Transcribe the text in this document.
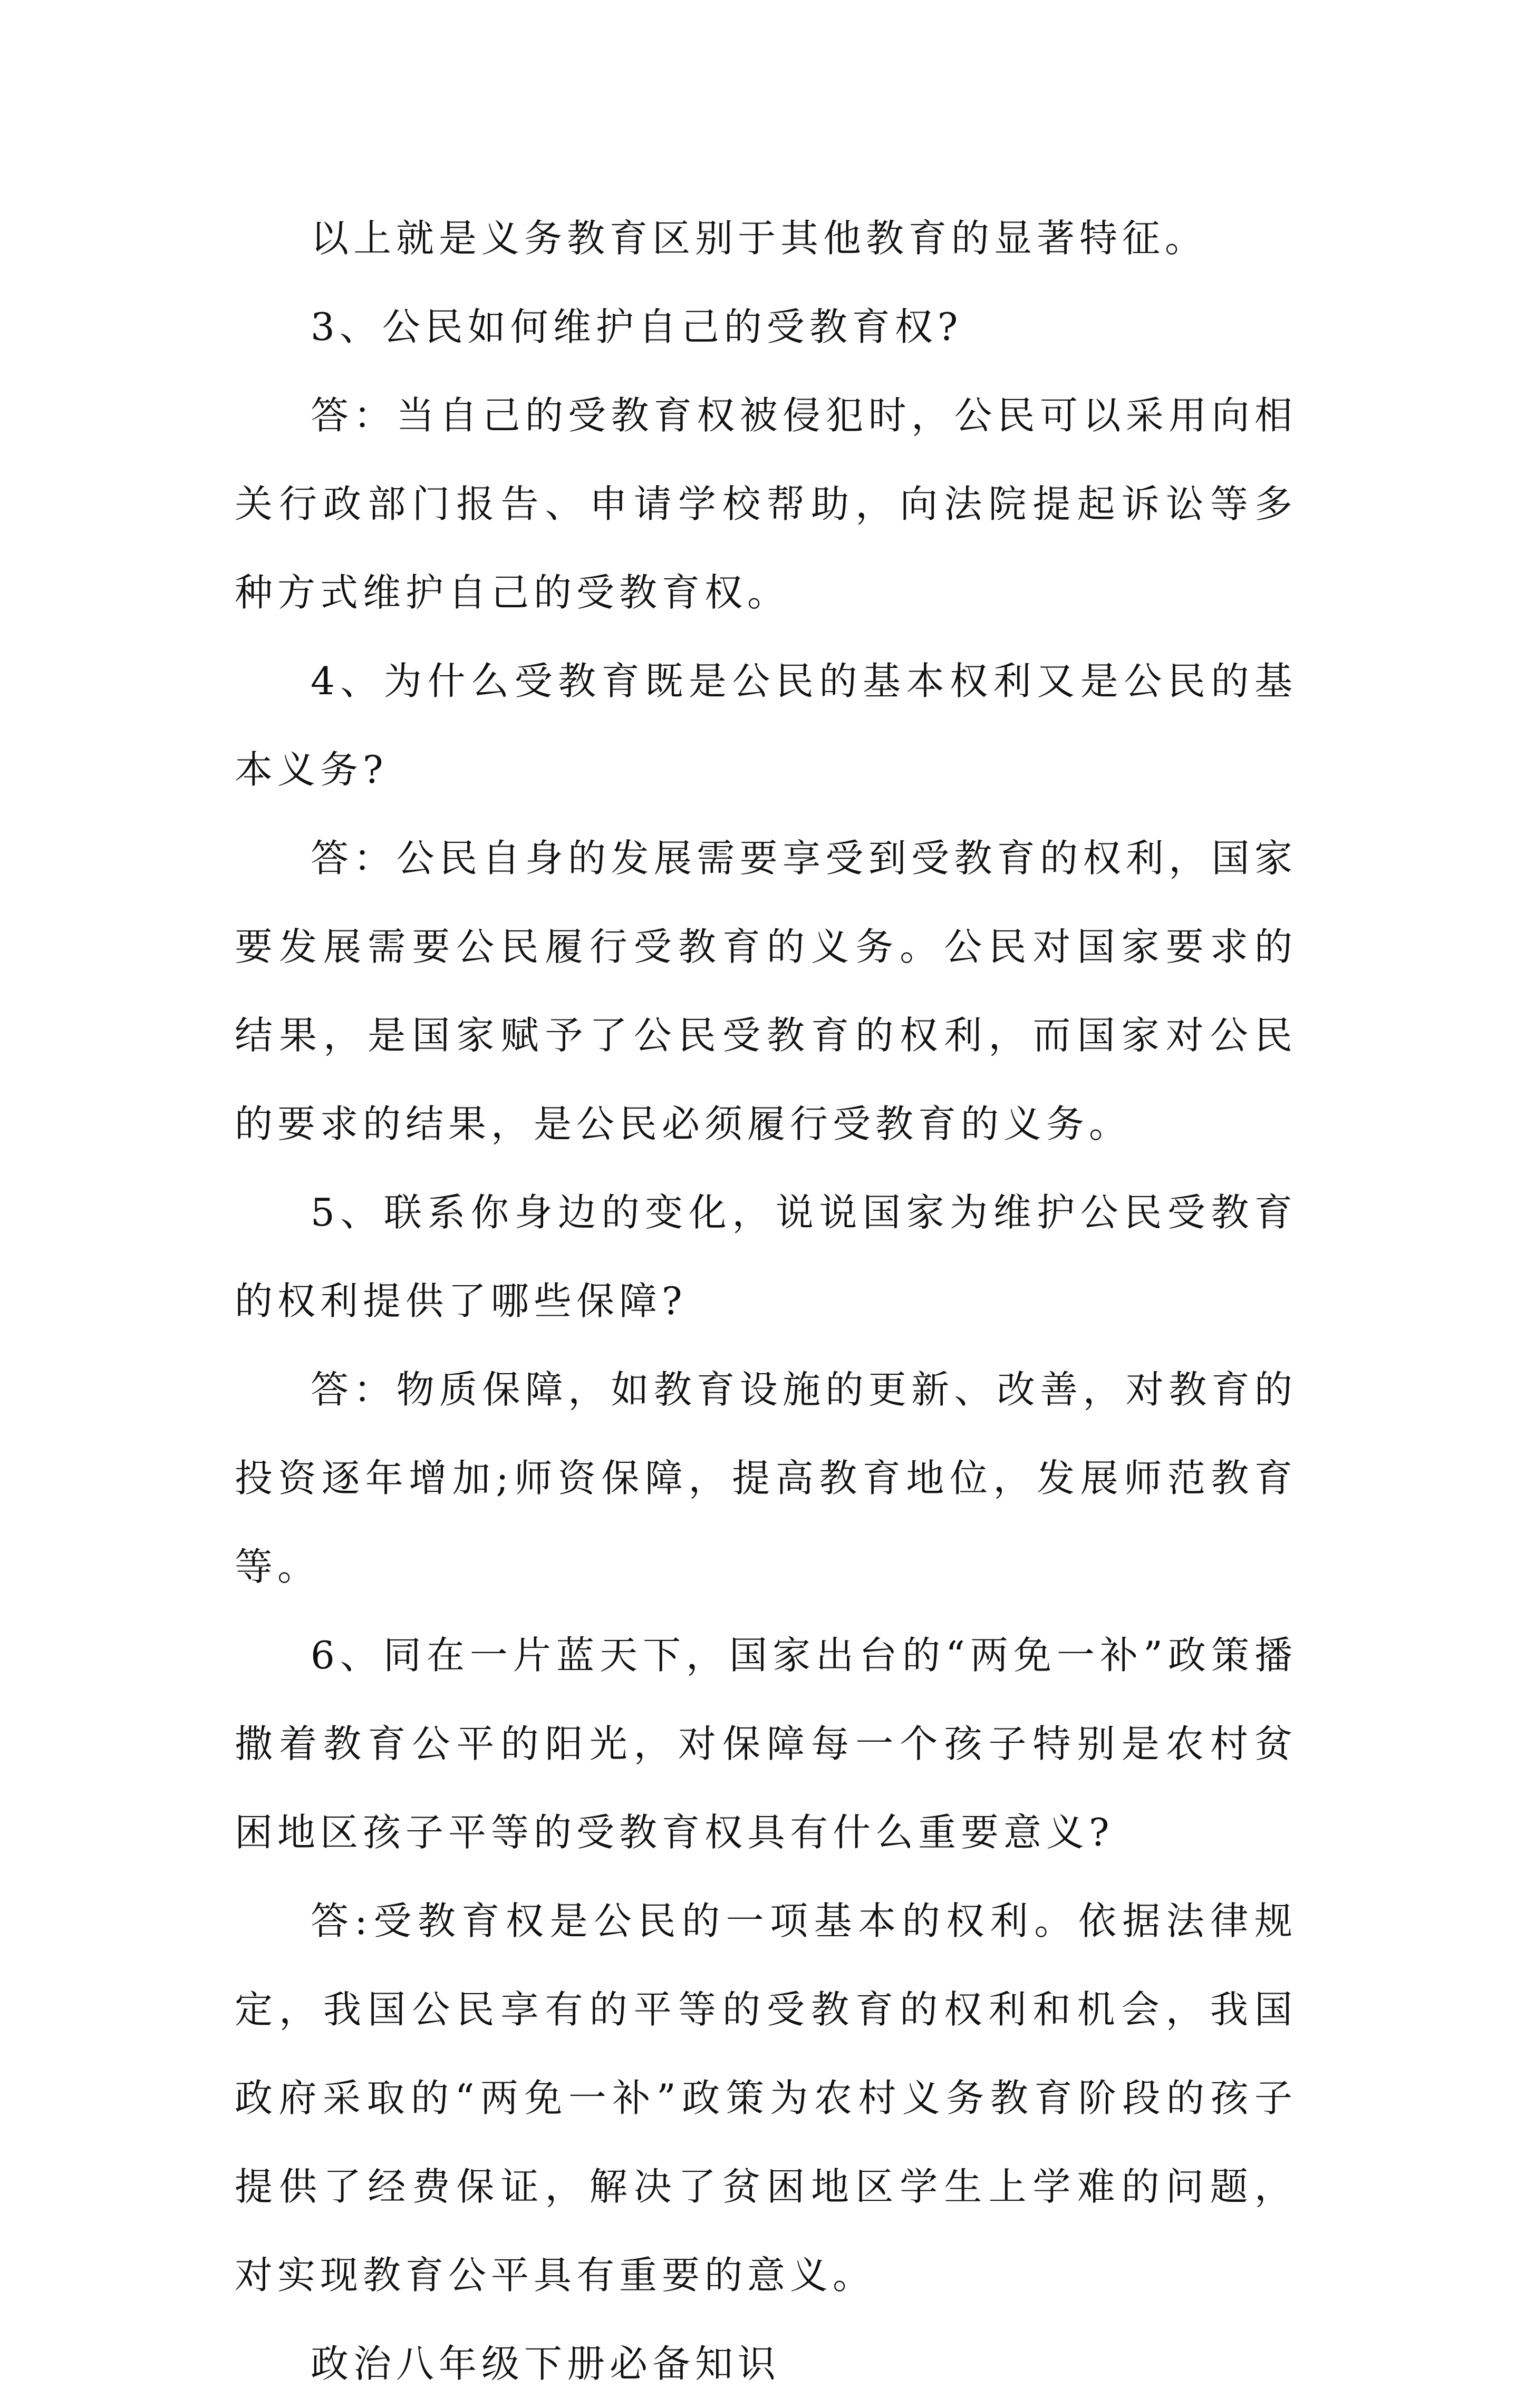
以上就是义务教育区别于其他教育的显著特征。

3、公民如何维护自己的受教育权?

答：当自己的受教育权被侵犯时，公民可以采用向相关行政部门报告、申请学校帮助，向法院提起诉讼等多种方式维护自己的受教育权。

4、为什么受教育既是公民的基本权利又是公民的基本义务?

答：公民自身的发展需要享受到受教育的权利，国家要发展需要公民履行受教育的义务。公民对国家要求的结果，是国家赋予了公民受教育的权利，而国家对公民的要求的结果，是公民必须履行受教育的义务。

5、联系你身边的变化，说说国家为维护公民受教育的权利提供了哪些保障?

答：物质保障，如教育设施的更新、改善，对教育的投资逐年增加;师资保障，提高教育地位，发展师范教育等。

6、同在一片蓝天下，国家出台的“两免一补”政策播撒着教育公平的阳光，对保障每一个孩子特别是农村贫困地区孩子平等的受教育权具有什么重要意义?

答:受教育权是公民的一项基本的权利。依据法律规定，我国公民享有的平等的受教育的权利和机会，我国政府采取的“两免一补”政策为农村义务教育阶段的孩子提供了经费保证，解决了贫困地区学生上学难的问题，对实现教育公平具有重要的意义。

政治八年级下册必备知识
